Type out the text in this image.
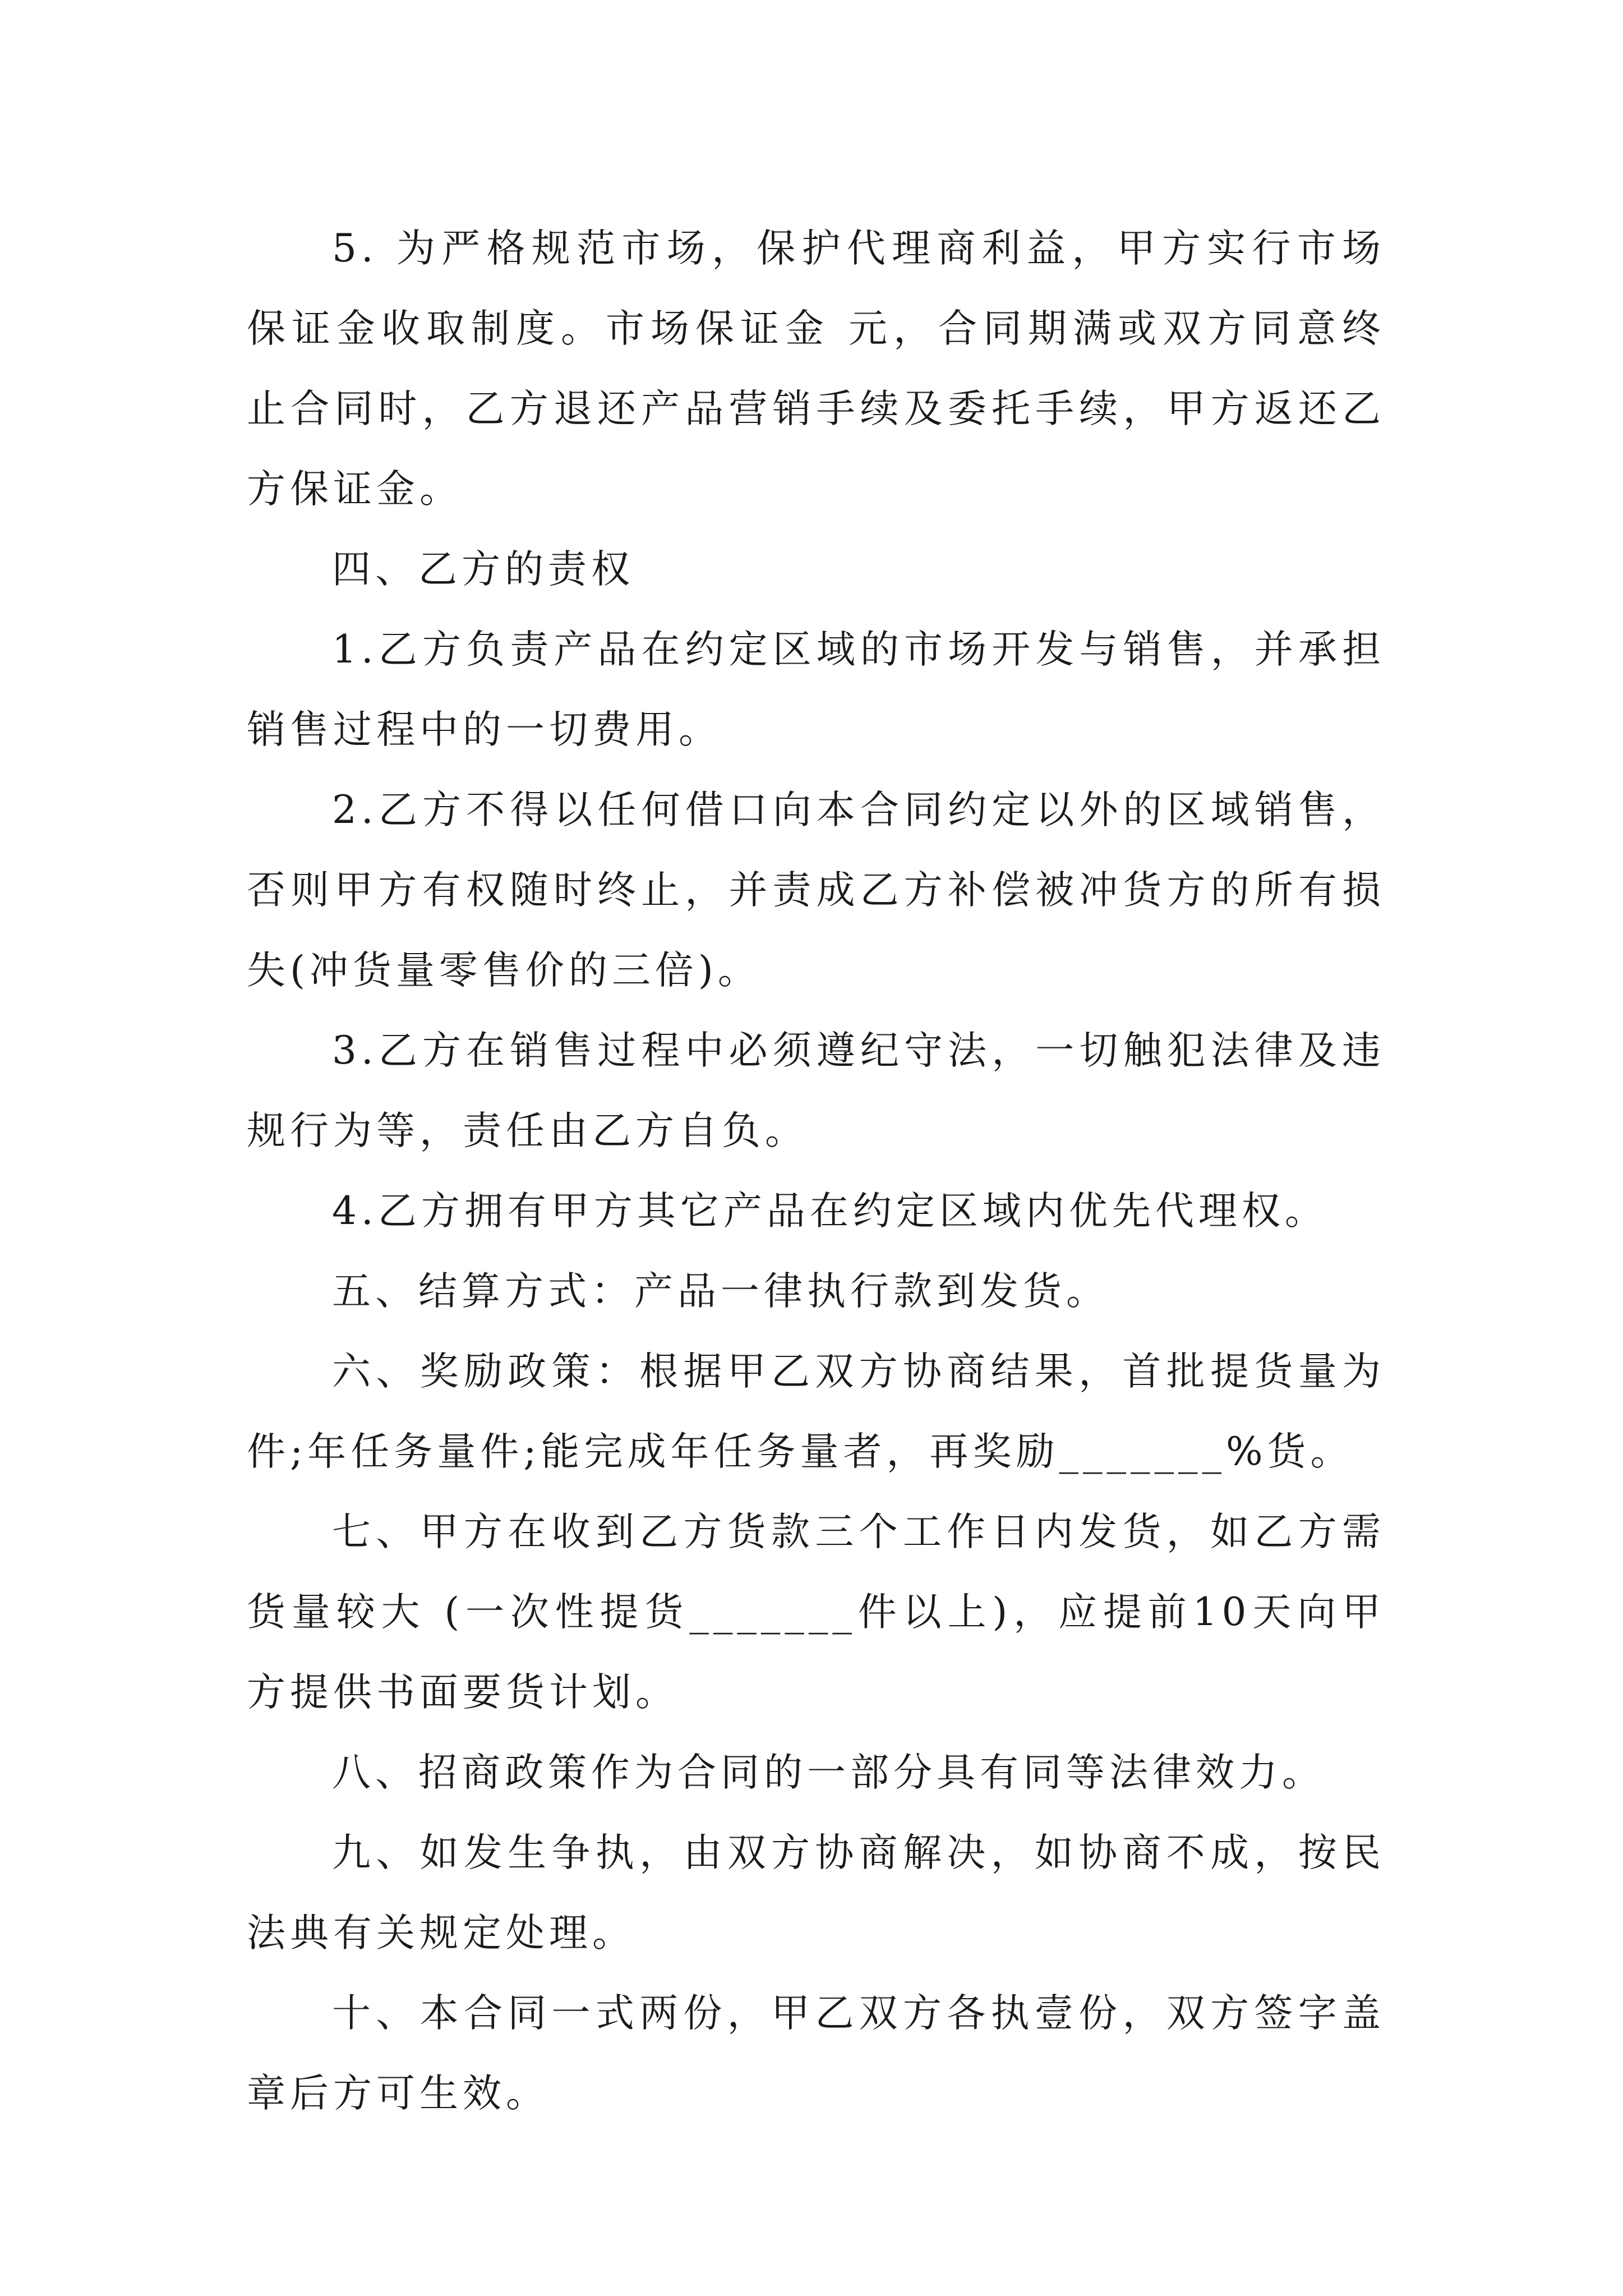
5. 为严格规范市场，保护代理商利益，甲方实行市场保证金收取制度。市场保证金 元，合同期满或双方同意终止合同时，乙方退还产品营销手续及委托手续，甲方返还乙方保证金。

四、乙方的责权

1.乙方负责产品在约定区域的市场开发与销售，并承担销售过程中的一切费用。

2.乙方不得以任何借口向本合同约定以外的区域销售，否则甲方有权随时终止，并责成乙方补偿被冲货方的所有损失(冲货量零售价的三倍)。

3.乙方在销售过程中必须遵纪守法，一切触犯法律及违规行为等，责任由乙方自负。

4.乙方拥有甲方其它产品在约定区域内优先代理权。

五、结算方式：产品一律执行款到发货。

六、奖励政策：根据甲乙双方协商结果，首批提货量为件;年任务量件;能完成年任务量者，再奖励_______%货。

七、甲方在收到乙方货款三个工作日内发货，如乙方需货量较大 (一次性提货_______件以上)，应提前10天向甲方提供书面要货计划。

八、招商政策作为合同的一部分具有同等法律效力。

九、如发生争执，由双方协商解决，如协商不成，按民法典有关规定处理。

十、本合同一式两份，甲乙双方各执壹份，双方签字盖章后方可生效。
